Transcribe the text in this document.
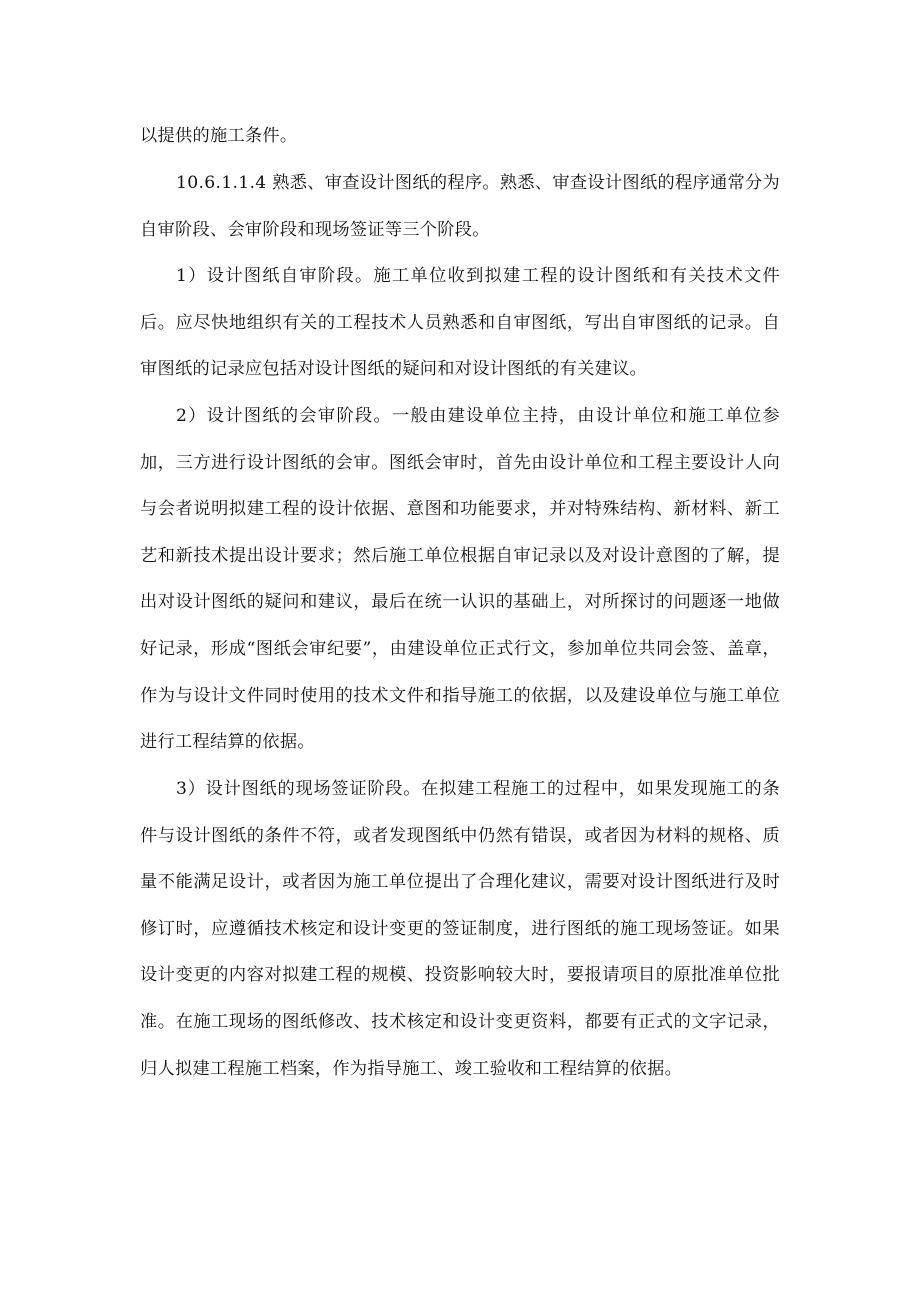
以提供的施工条件。

10.6.1.1.4 熟悉、审查设计图纸的程序。熟悉、审查设计图纸的程序通常分为自审阶段、会审阶段和现场签证等三个阶段。

1）设计图纸自审阶段。施工单位收到拟建工程的设计图纸和有关技术文件后。应尽快地组织有关的工程技术人员熟悉和自审图纸，写出自审图纸的记录。自审图纸的记录应包括对设计图纸的疑问和对设计图纸的有关建议。

2）设计图纸的会审阶段。一般由建设单位主持，由设计单位和施工单位参加，三方进行设计图纸的会审。图纸会审时，首先由设计单位和工程主要设计人向与会者说明拟建工程的设计依据、意图和功能要求，并对特殊结构、新材料、新工艺和新技术提出设计要求；然后施工单位根据自审记录以及对设计意图的了解，提出对设计图纸的疑问和建议，最后在统一认识的基础上，对所探讨的问题逐一地做好记录，形成“图纸会审纪要”，由建设单位正式行文，参加单位共同会签、盖章，作为与设计文件同时使用的技术文件和指导施工的依据，以及建设单位与施工单位进行工程结算的依据。

3）设计图纸的现场签证阶段。在拟建工程施工的过程中，如果发现施工的条件与设计图纸的条件不符，或者发现图纸中仍然有错误，或者因为材料的规格、质量不能满足设计，或者因为施工单位提出了合理化建议，需要对设计图纸进行及时修订时，应遵循技术核定和设计变更的签证制度，进行图纸的施工现场签证。如果设计变更的内容对拟建工程的规模、投资影响较大时，要报请项目的原批准单位批准。在施工现场的图纸修改、技术核定和设计变更资料，都要有正式的文字记录，归人拟建工程施工档案，作为指导施工、竣工验收和工程结算的依据。
